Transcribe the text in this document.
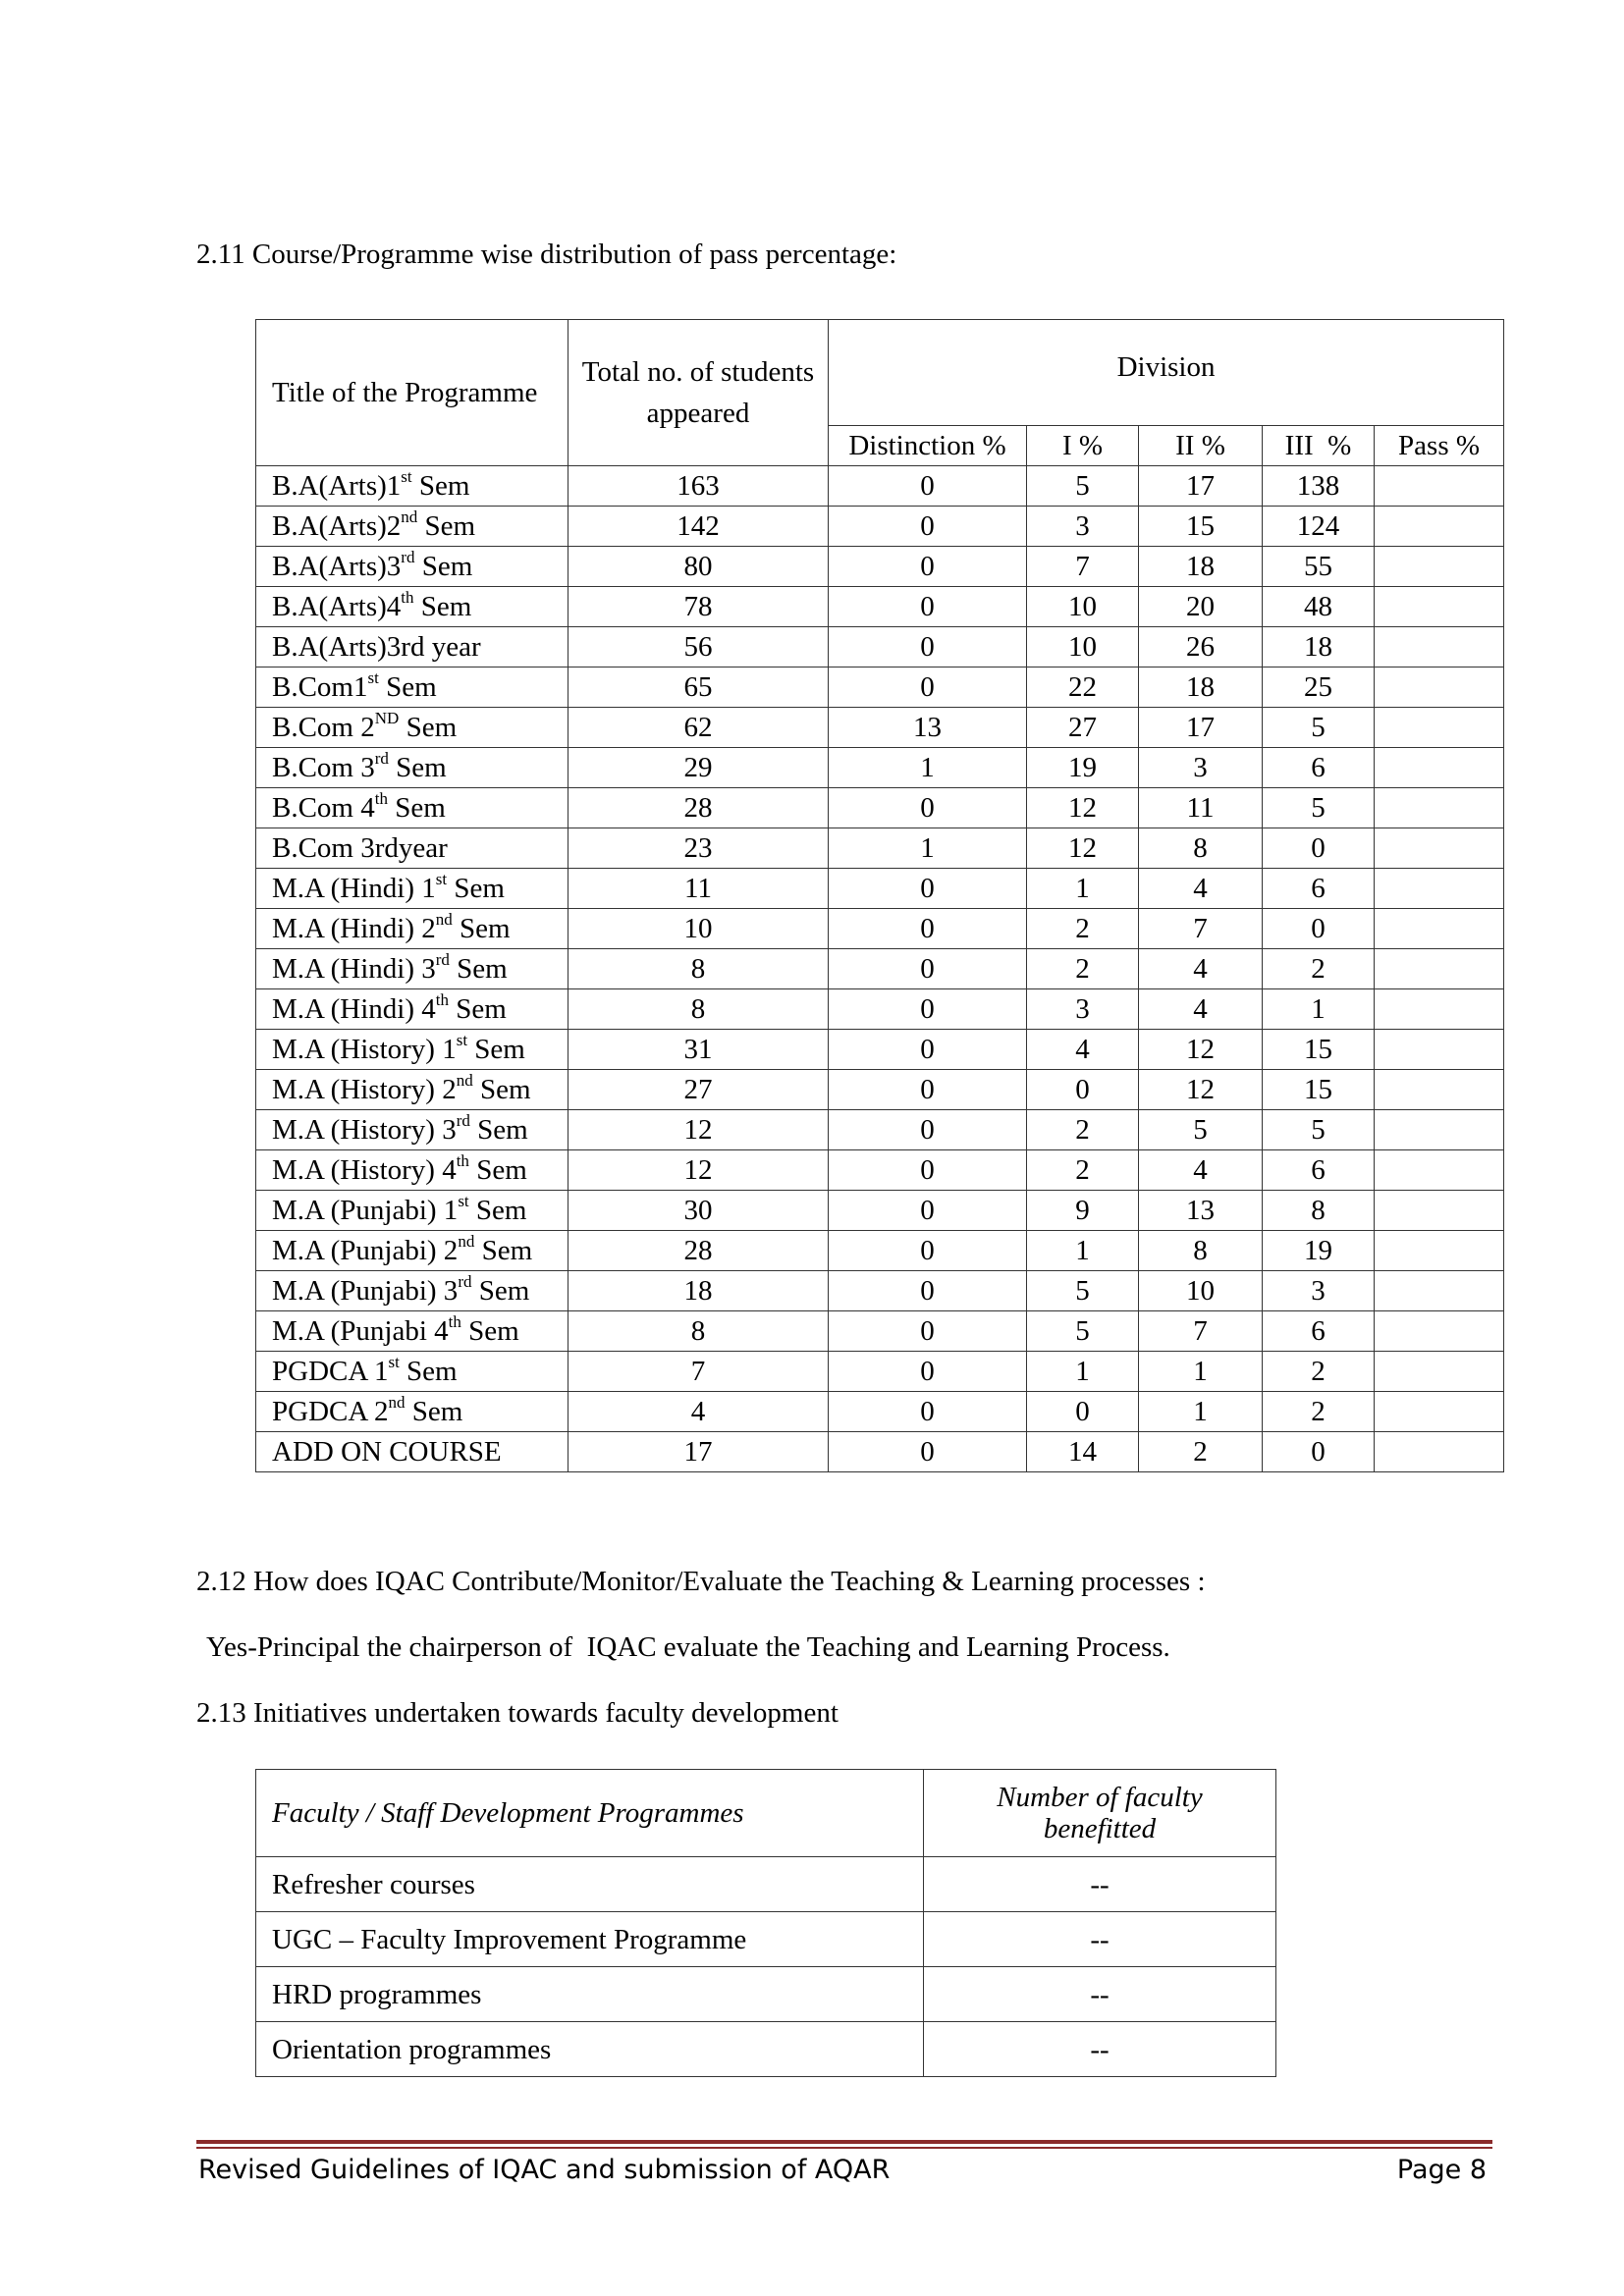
2.11 Course/Programme wise distribution of pass percentage:

Title of the Programme	Total no. of students appeared	Division				
		Distinction %	I %	II %	III  %	Pass %
B.A(Arts)1st Sem	163	0	5	17	138	
B.A(Arts)2nd Sem	142	0	3	15	124	
B.A(Arts)3rd Sem	80	0	7	18	55	
B.A(Arts)4th Sem	78	0	10	20	48	
B.A(Arts)3rd year	56	0	10	26	18	
B.Com1st Sem	65	0	22	18	25	
B.Com 2ND Sem	62	13	27	17	5	
B.Com 3rd Sem	29	1	19	3	6	
B.Com 4th Sem	28	0	12	11	5	
B.Com 3rdyear	23	1	12	8	0	
M.A (Hindi) 1st Sem	11	0	1	4	6	
M.A (Hindi) 2nd Sem	10	0	2	7	0	
M.A (Hindi) 3rd Sem	8	0	2	4	2	
M.A (Hindi) 4th Sem	8	0	3	4	1	
M.A (History) 1st Sem	31	0	4	12	15	
M.A (History) 2nd Sem	27	0	0	12	15	
M.A (History) 3rd Sem	12	0	2	5	5	
M.A (History) 4th Sem	12	0	2	4	6	
M.A (Punjabi) 1st Sem	30	0	9	13	8	
M.A (Punjabi) 2nd Sem	28	0	1	8	19	
M.A (Punjabi) 3rd Sem	18	0	5	10	3	
M.A (Punjabi 4th Sem	8	0	5	7	6	
PGDCA 1st Sem	7	0	1	1	2	
PGDCA 2nd Sem	4	0	0	1	2	
ADD ON COURSE	17	0	14	2	0	

2.12 How does IQAC Contribute/Monitor/Evaluate the Teaching & Learning processes :

Yes-Principal the chairperson of  IQAC evaluate the Teaching and Learning Process.

2.13 Initiatives undertaken towards faculty development

Faculty / Staff Development Programmes	Number of faculty benefitted
Refresher courses	--
UGC – Faculty Improvement Programme	--
HRD programmes	--
Orientation programmes	--
Revised Guidelines of IQAC and submission of AQAR	Page 8
